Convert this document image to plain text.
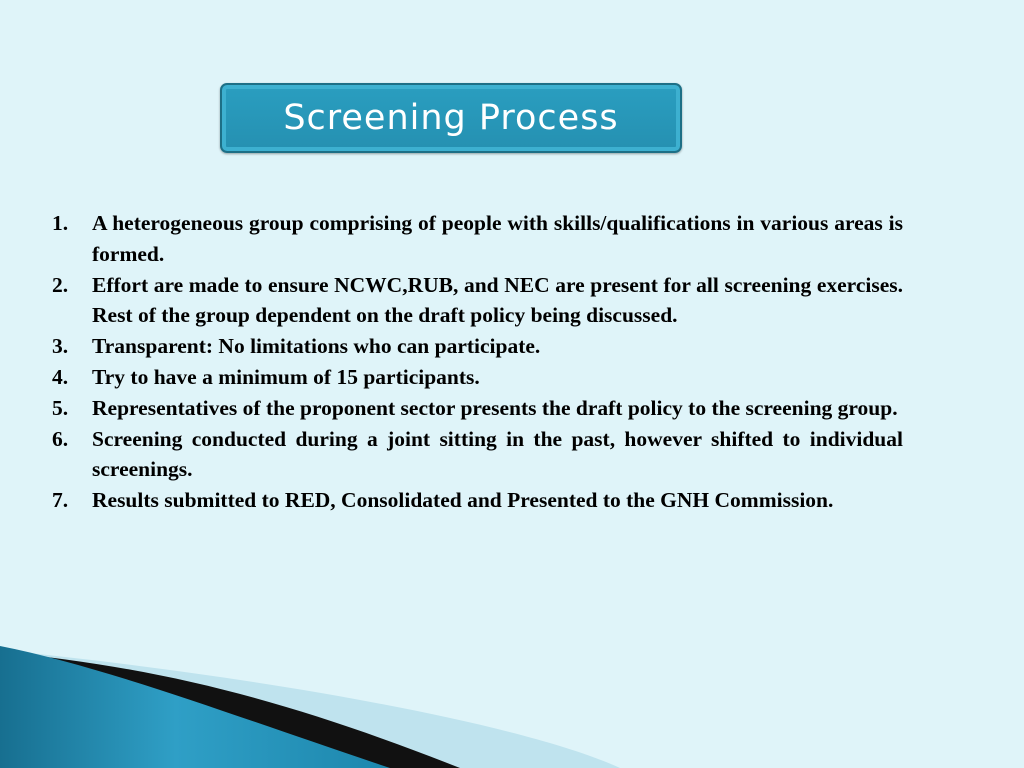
Screening Process
1. A heterogeneous group comprising of people with skills/qualifications in various areas is formed.
2. Effort are made to ensure NCWC,RUB, and NEC are present for all screening exercises. Rest of the group dependent on the draft policy being discussed.
3. Transparent: No limitations who can participate.
4. Try to have a minimum of 15 participants.
5. Representatives of the proponent sector presents the draft policy to the screening group.
6. Screening conducted during a joint sitting in the past, however shifted to individual screenings.
7. Results submitted to RED, Consolidated and Presented to the GNH Commission.
